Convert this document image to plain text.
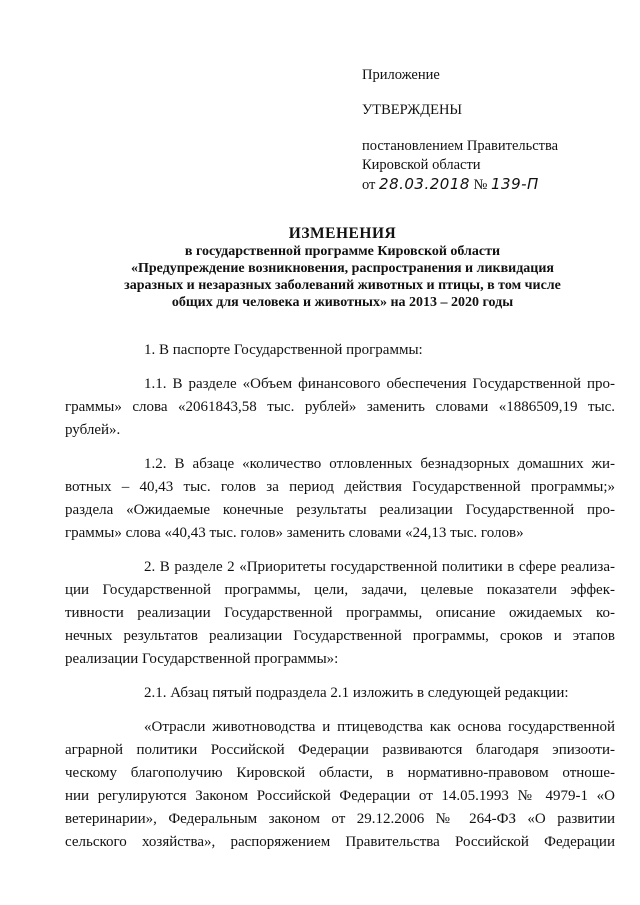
Приложение
УТВЕРЖДЕНЫ
постановлением Правительства
Кировской области
от 28.03.2018 № 139-П
ИЗМЕНЕНИЯ
в государственной программе Кировской области
«Предупреждение возникновения, распространения и ликвидация
заразных и незаразных заболеваний животных и птицы, в том числе
общих для человека и животных» на 2013 – 2020 годы
1. В паспорте Государственной программы:
1.1. В разделе «Объем финансового обеспечения Государственной про-
граммы» слова «2061843,58 тыс. рублей» заменить словами «1886509,19 тыс.
рублей».
1.2. В абзаце «количество отловленных безнадзорных домашних жи-
вотных – 40,43 тыс. голов за период действия Государственной программы;»
раздела «Ожидаемые конечные результаты реализации Государственной про-
граммы» слова «40,43 тыс. голов» заменить словами «24,13 тыс. голов»
2. В разделе 2 «Приоритеты государственной политики в сфере реализа-
ции Государственной программы, цели, задачи, целевые показатели эффек-
тивности реализации Государственной программы, описание ожидаемых ко-
нечных результатов реализации Государственной программы, сроков и этапов
реализации Государственной программы»:
2.1. Абзац пятый подраздела 2.1 изложить в следующей редакции:
«Отрасли животноводства и птицеводства как основа государственной
аграрной политики Российской Федерации развиваются благодаря эпизооти-
ческому благополучию Кировской области, в нормативно-правовом отноше-
нии регулируются Законом Российской Федерации от 14.05.1993 № 4979-1 «О
ветеринарии», Федеральным законом от 29.12.2006 № 264-ФЗ «О развитии
сельского хозяйства», распоряжением Правительства Российской Федерации
